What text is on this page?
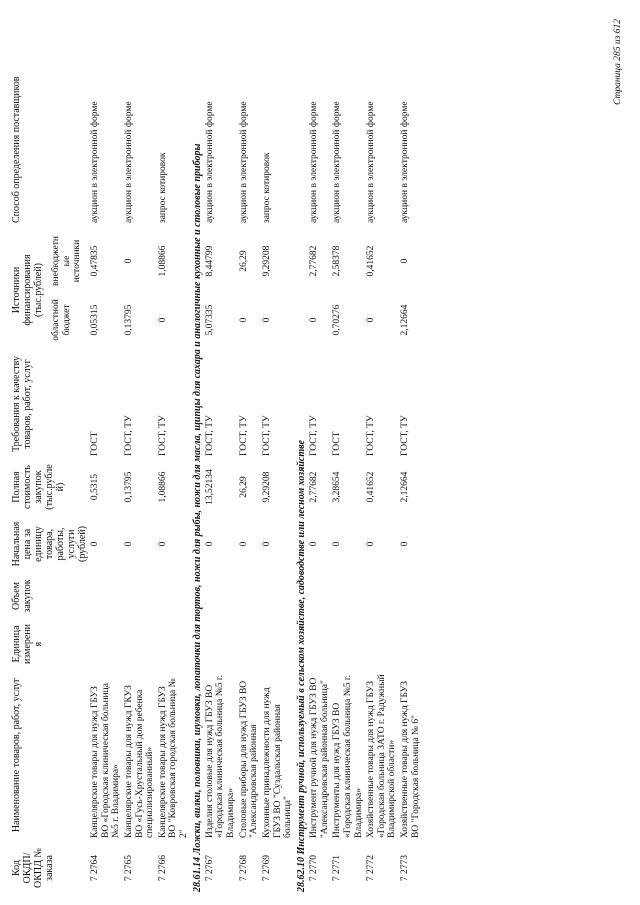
Код ОКДП/ ОКПД № заказа	Наименование товаров, работ, услуг	Единица измерения	Объем закупок	Начальная цена за единицу товара, работы, услуги (рублей)	Полная стоимость закупок (тыс.рублей)	Требования к качеству товаров, работ, услуг	Источники финансирования (тыс.рублей)		Способ определения поставщиков
							областной бюджет	внебюджетные источники	
7 2764	Канцелярские товары для нужд ГБУЗ ВО «Городская клиническая больница №5 г. Владимира»			0	0,5315	ГОСТ	0,05315	0,47835	аукцион в электронной форме
7 2765	Канцелярские товары для нужд ГКУЗ ВО «Гусь-Хрустальный дом ребенка специализированный»			0	0,13795	ГОСТ, ТУ	0,13795	0	аукцион в электронной форме
7 2766	Канцелярские товары для нужд ГБУЗ ВО "Ковровская городская больница № 2"			0	1,08866	ГОСТ, ТУ	0	1,08866	запрос котировок
28.61.14 Ложки, вилки, половники, шумовки, лопаточки для тортов, ножи для рыбы, ножи для масла, щипцы для сахара и аналогичные кухонные и столовые приборы									
7 2767	Изделия столовые для нужд ГБУЗ ВО «Городская клиническая больница №5 г. Владимира»			0	13,52134	ГОСТ, ТУ	5,07335	8,44799	аукцион в электронной форме
7 2768	Столовые приборы для нужд ГБУЗ ВО "Александровская районная			0	26,29	ГОСТ, ТУ	0	26,29	аукцион в электронной форме
7 2769	Кухонные принадлежности для нужд ГБУЗ ВО "Суздальская районная больница"			0	9,29208	ГОСТ, ТУ	0	9,29208	запрос котировок
28.62.10 Инструмент ручной, используемый в сельском хозяйстве, садоводстве или лесном хозяйстве									
7 2770	Инструмент ручной для нужд ГБУЗ ВО "Александровская районная больница"			0	2,77682	ГОСТ, ТУ	0	2,77682	аукцион в электронной форме
7 2771	Инструменты для нужд ГБУЗ ВО «Городская клиническая больница №5 г. Владимира»			0	3,28654	ГОСТ	0,70276	2,58378	аукцион в электронной форме
7 2772	Хозяйственные товары для нужд ГБУЗ «Городская больница ЗАТО г. Радужный Владимирской области»			0	0,41652	ГОСТ, ТУ	0	0,41652	аукцион в электронной форме
7 2773	Хозяйственные товары для нужд ГБУЗ ВО "Городская больница № 6"			0	2,12664	ГОСТ, ТУ	2,12664	0	аукцион в электронной форме
Страница 285 из 612
